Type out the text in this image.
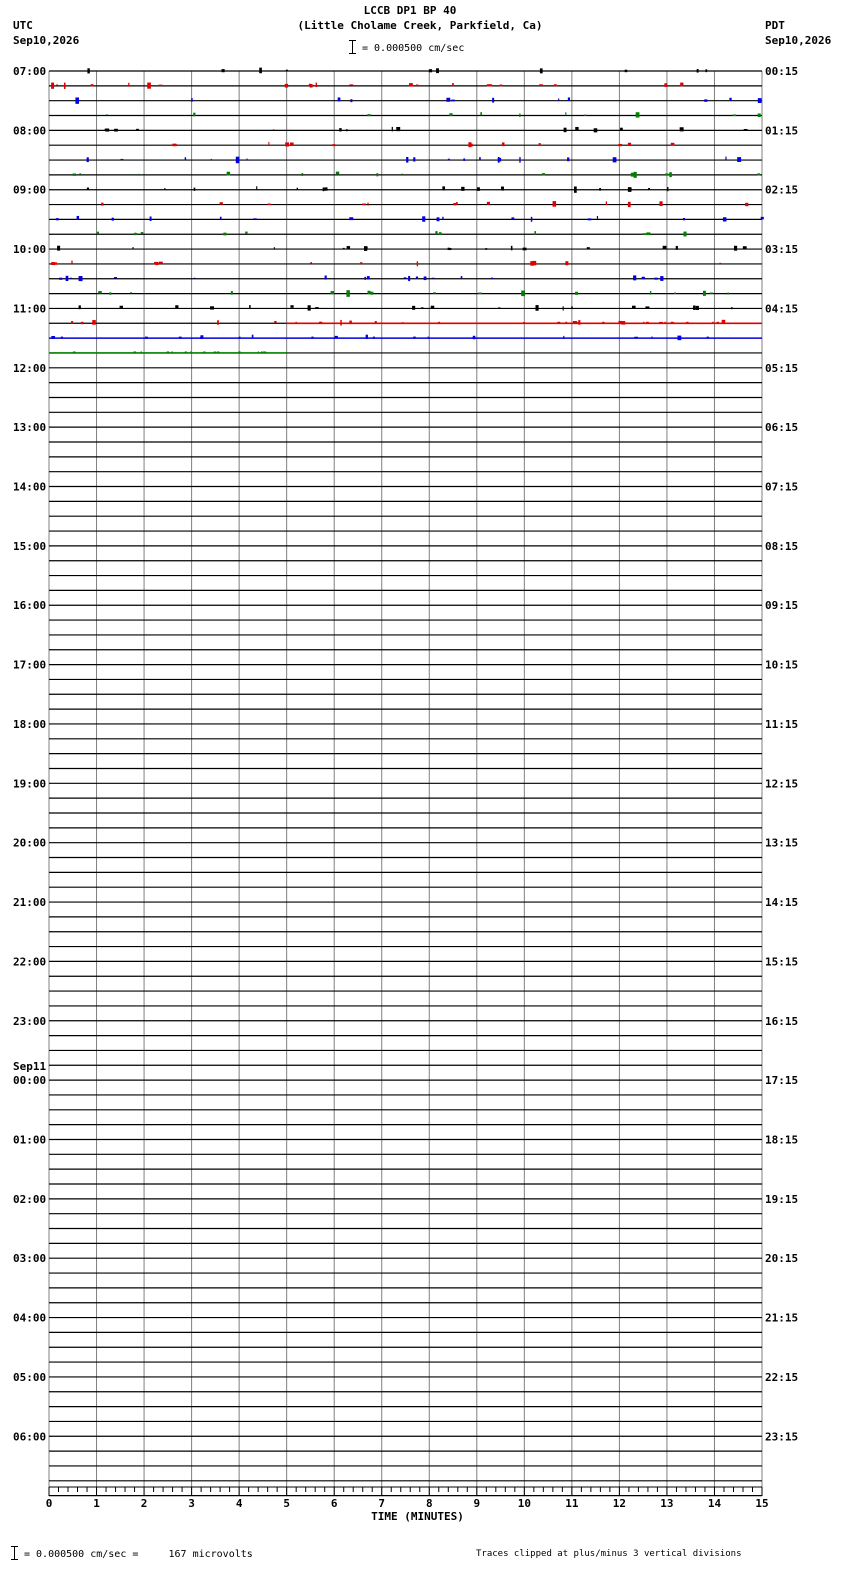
LCCB DP1 BP 40
(Little Cholame Creek, Parkfield, Ca)
UTC
Sep10,2026
PDT
Sep10,2026
= 0.000500 cm/sec
07:00
08:00
09:00
10:00
11:00
12:00
13:00
14:00
15:00
16:00
17:00
18:00
19:00
20:00
21:00
22:00
23:00
Sep11
00:00
01:00
02:00
03:00
04:00
05:00
06:00
00:15
01:15
02:15
03:15
04:15
05:15
06:15
07:15
08:15
09:15
10:15
11:15
12:15
13:15
14:15
15:15
16:15
17:15
18:15
19:15
20:15
21:15
22:15
23:15
0	1	2	3	4	5	6	7	8	9	10	11	12	13	14	15
TIME (MINUTES)
= 0.000500 cm/sec =     167 microvolts	Traces clipped at plus/minus 3 vertical divisions
